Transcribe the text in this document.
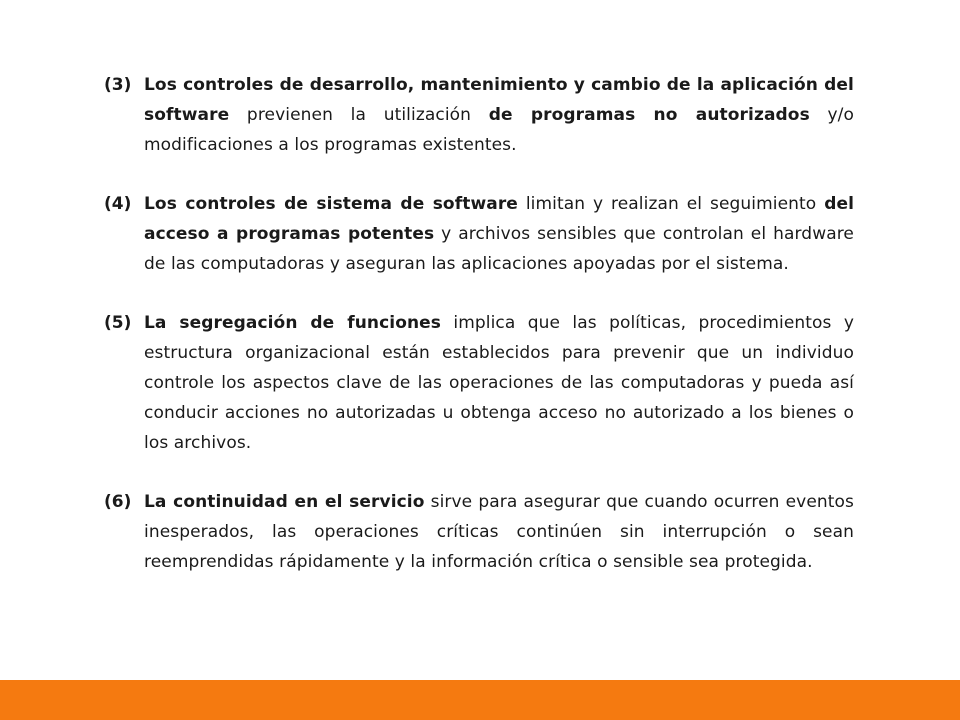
(3) Los controles de desarrollo, mantenimiento y cambio de la aplicación del software previenen la utilización de programas no autorizados y/o modificaciones a los programas existentes.
(4) Los controles de sistema de software limitan y realizan el seguimiento del acceso a programas potentes y archivos sensibles que controlan el hardware de las computadoras y aseguran las aplicaciones apoyadas por el sistema.
(5) La segregación de funciones implica que las políticas, procedimientos y estructura organizacional están establecidos para prevenir que un individuo controle los aspectos clave de las operaciones de las computadoras y pueda así conducir acciones no autorizadas u obtenga acceso no autorizado a los bienes o los archivos.
(6) La continuidad en el servicio sirve para asegurar que cuando ocurren eventos inesperados, las operaciones críticas continúen sin interrupción o sean reemprendidas rápidamente y la información crítica o sensible sea protegida.
